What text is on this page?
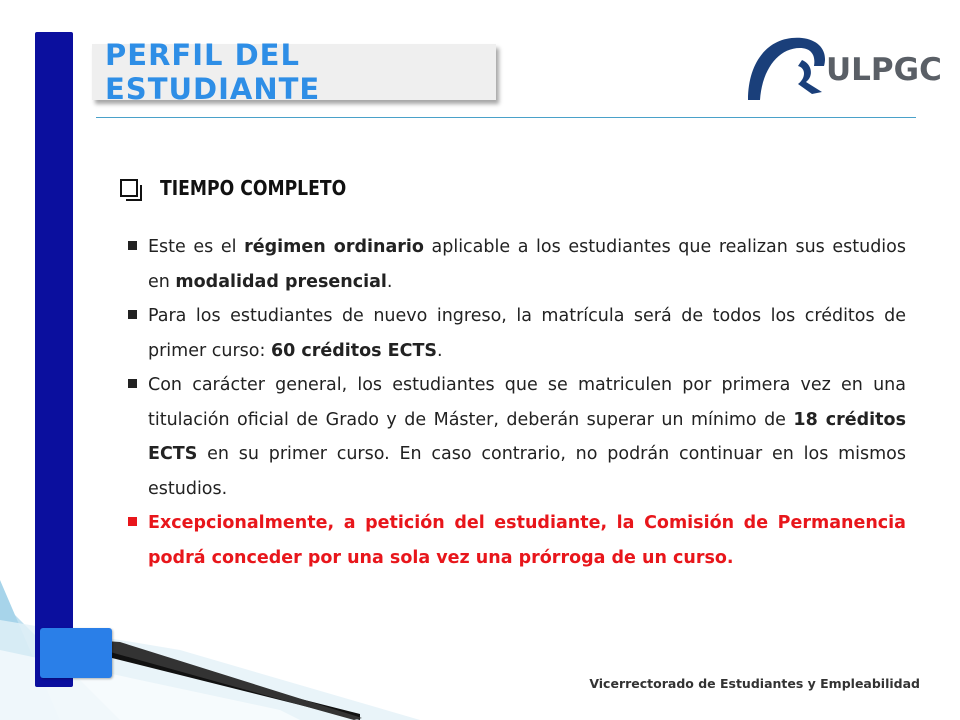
PERFIL DEL ESTUDIANTE
ULPGC
TIEMPO COMPLETO
Este es el régimen ordinario aplicable a los estudiantes que realizan sus estudios en modalidad presencial.
Para los estudiantes de nuevo ingreso, la matrícula será de todos los créditos de primer curso: 60 créditos ECTS.
Con carácter general, los estudiantes que se matriculen por primera vez en una titulación oficial de Grado y de Máster, deberán superar un mínimo de 18 créditos ECTS en su primer curso. En caso contrario, no podrán continuar en los mismos estudios.
Excepcionalmente, a petición del estudiante, la Comisión de Permanencia podrá conceder por una sola vez una prórroga de un curso.
Vicerrectorado de Estudiantes y Empleabilidad
